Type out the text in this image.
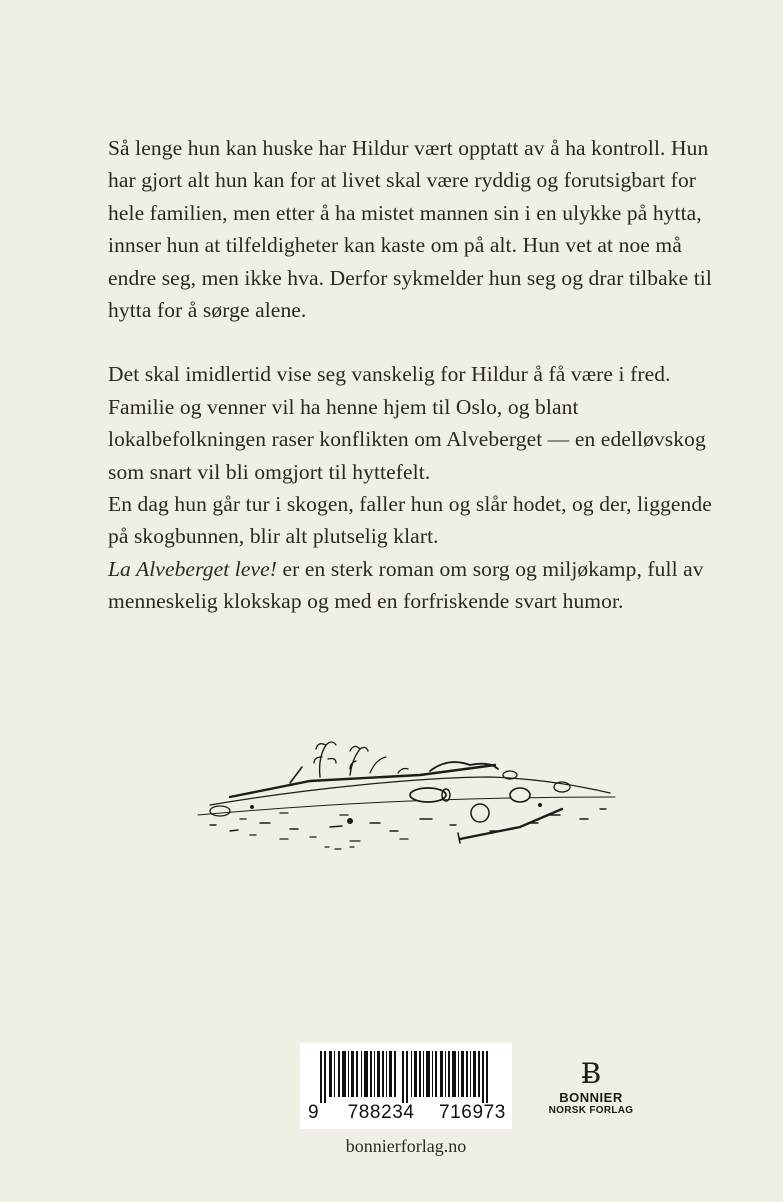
Så lenge hun kan huske har Hildur vært opptatt av å ha kontroll. Hun har gjort alt hun kan for at livet skal være ryddig og forutsigbart for hele familien, men etter å ha mistet mannen sin i en ulykke på hytta, innser hun at tilfeldigheter kan kaste om på alt. Hun vet at noe må endre seg, men ikke hva. Derfor sykmelder hun seg og drar tilbake til hytta for å sørge alene.

Det skal imidlertid vise seg vanskelig for Hildur å få være i fred. Familie og venner vil ha henne hjem til Oslo, og blant lokalbefolkningen raser konflikten om Alveberget — en edelløvskog som snart vil bli omgjort til hyttefelt.

En dag hun går tur i skogen, faller hun og slår hodet, og der, liggende på skogbunnen, blir alt plutselig klart.

La Alveberget leve! er en sterk roman om sorg og miljøkamp, full av menneskelig klokskap og med en forfriskende svart humor.

9 788234 716973
Ƀ
BONNIER
NORSK FORLAG
bonnierforlag.no
